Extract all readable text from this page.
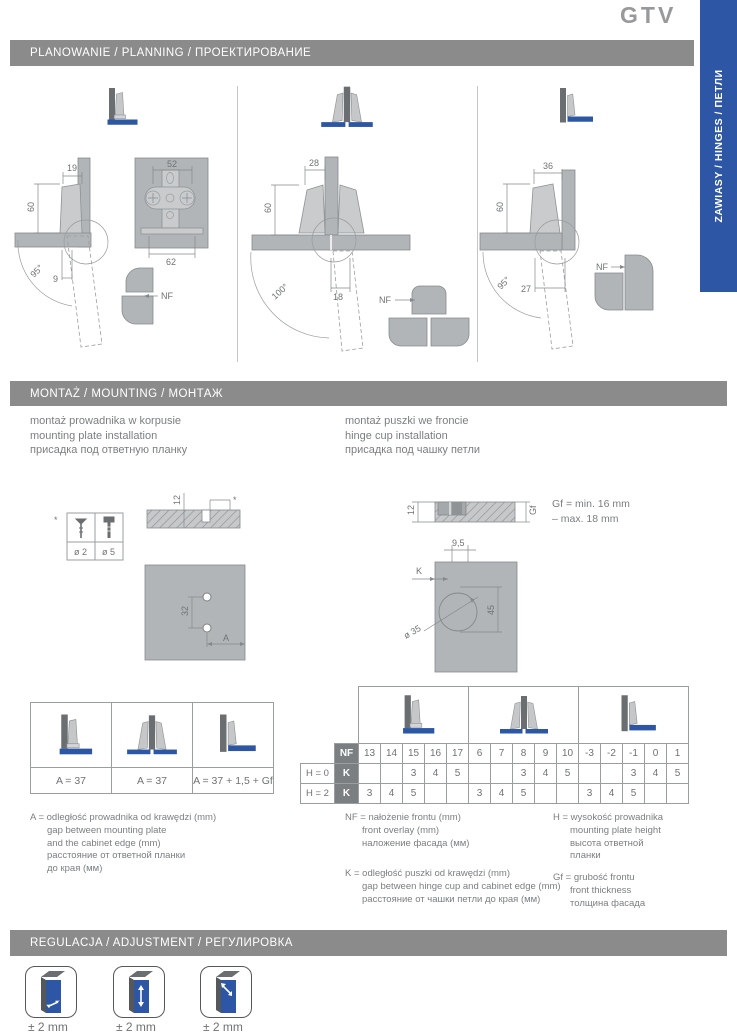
GTV
ZAWIASY / HINGES / ПЕТЛИ
PLANOWANIE / PLANNING / ПРОЕКТИРОВАНИЕ
95°
19
60
9
52
62
NF	100°
28
60
18	NF
95°
36
60
27
NF
MONTAŻ / MOUNTING / МОНТАЖ
montaż prowadnika w korpusie
mounting plate installation
присадка под ответную планку
montaż puszki we froncie
hinge cup installation
присадка под чашку петли
*
ø 2 ø 5
12	*
32
A
12	Gf
9,5
K
ø 35
45
Gf = min. 16 mm
– max. 18 mm

A = 37	A = 37	A = 37 + 1,5 + Gf

	NF	13	14	15	16	17	6	7	8	9	10	-3	-2	-1	0	1
H = 0	K			3	4	5			3	4	5			3	4	5
H = 2	K	3	4	5			3	4	5			3	4	5		
A = odległość prowadnika od krawędzi (mm)
gap between mounting plate
and the cabinet edge (mm)
расстояние от ответной планки
до края (мм)
NF = nałożenie frontu (mm)
front overlay (mm)
наложение фасада (мм)
K = odległość puszki od krawędzi (mm)
gap between hinge cup and cabinet edge (mm)
расстояние от чашки петли до края (мм)
H = wysokość prowadnika
mounting plate height
высота ответной
планки
Gf = grubość frontu
front thickness
толщина фасада
REGULACJA / ADJUSTMENT / РЕГУЛИРОВКА
± 2 mm	± 2 mm	± 2 mm
